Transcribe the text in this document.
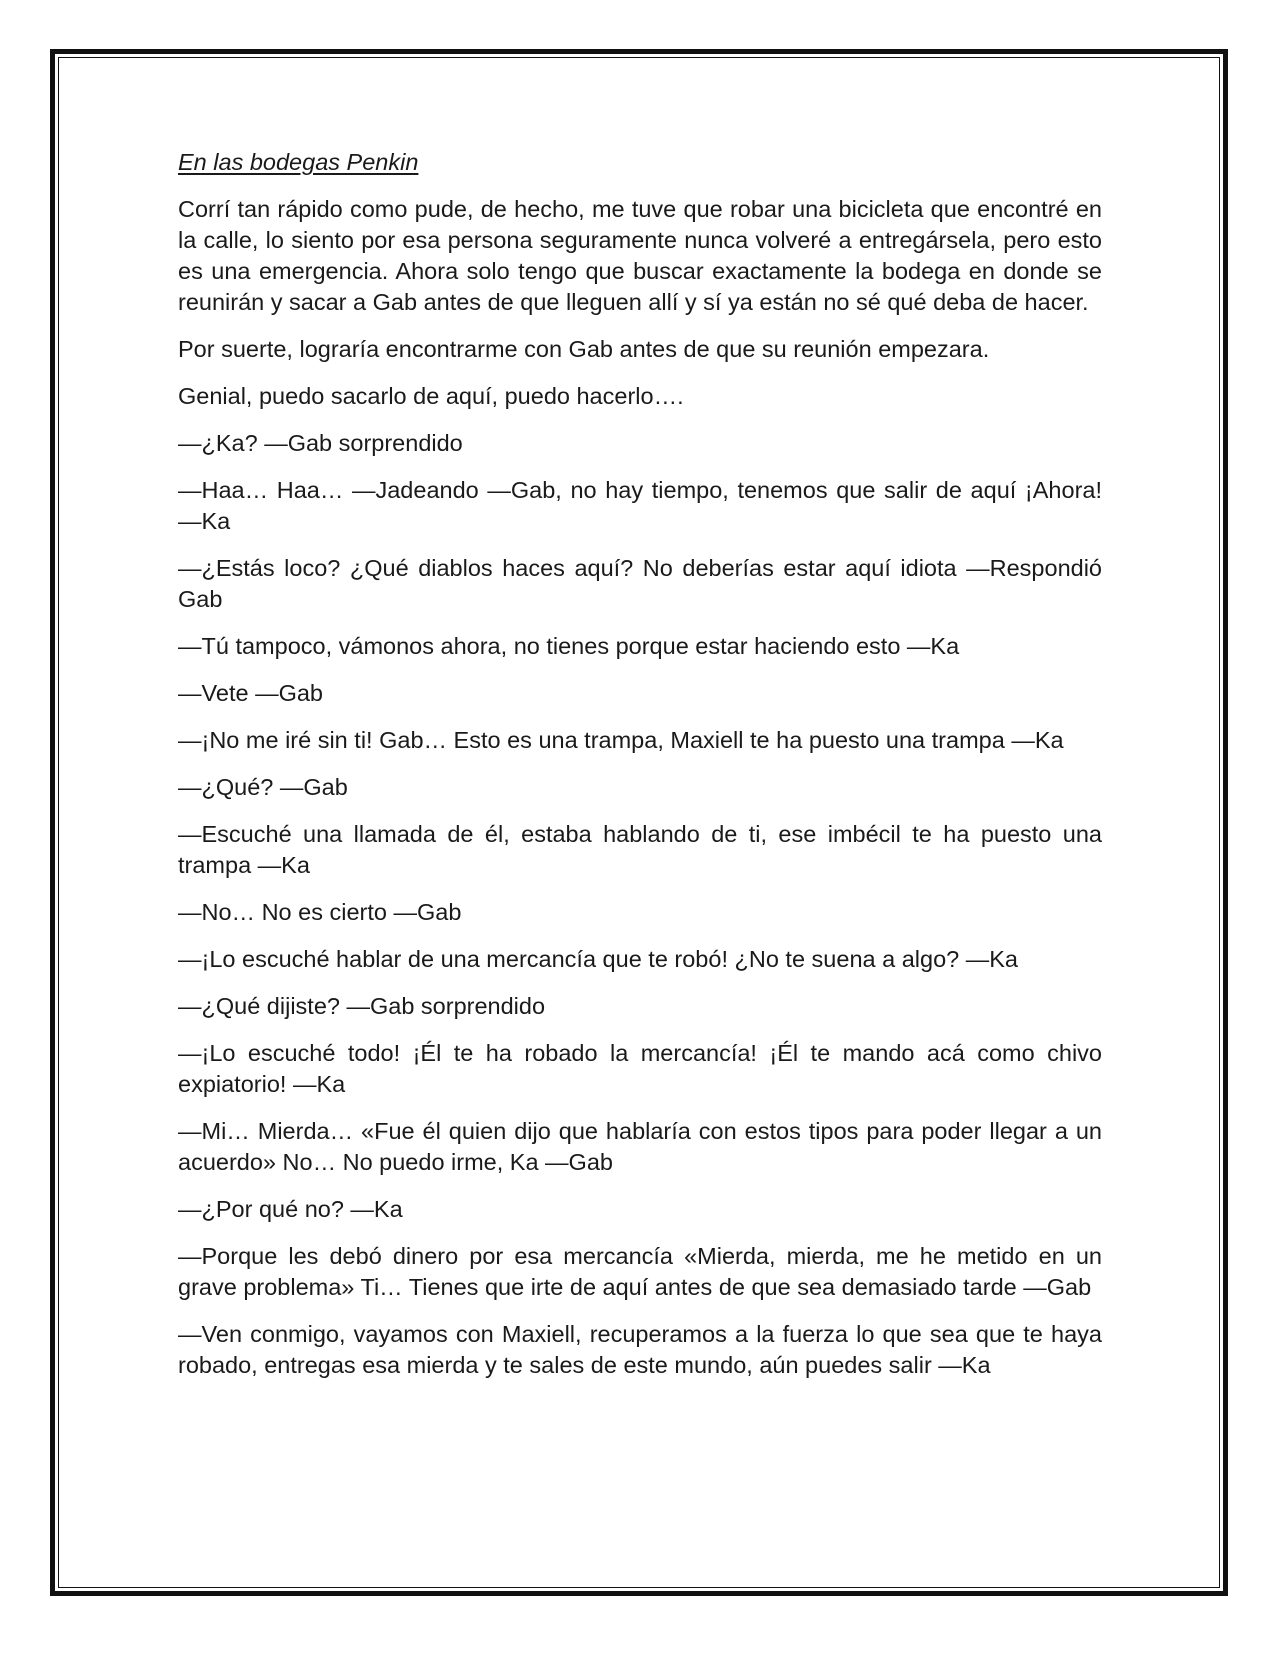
En las bodegas Penkin

Corrí tan rápido como pude, de hecho, me tuve que robar una bicicleta que encontré en la calle, lo siento por esa persona seguramente nunca volveré a entregársela, pero esto es una emergencia. Ahora solo tengo que buscar exactamente la bodega en donde se reunirán y sacar a Gab antes de que lleguen allí y sí ya están no sé qué deba de hacer.

Por suerte, lograría encontrarme con Gab antes de que su reunión empezara.

Genial, puedo sacarlo de aquí, puedo hacerlo….

—¿Ka? —Gab sorprendido

—Haa… Haa… —Jadeando —Gab, no hay tiempo, tenemos que salir de aquí ¡Ahora! —Ka

—¿Estás loco? ¿Qué diablos haces aquí? No deberías estar aquí idiota —Respondió Gab

—Tú tampoco, vámonos ahora, no tienes porque estar haciendo esto —Ka

—Vete —Gab

—¡No me iré sin ti! Gab… Esto es una trampa, Maxiell te ha puesto una trampa —Ka

—¿Qué? —Gab

—Escuché una llamada de él, estaba hablando de ti, ese imbécil te ha puesto una trampa —Ka

—No… No es cierto —Gab

—¡Lo escuché hablar de una mercancía que te robó! ¿No te suena a algo? —Ka

—¿Qué dijiste? —Gab sorprendido

—¡Lo escuché todo! ¡Él te ha robado la mercancía! ¡Él te mando acá como chivo expiatorio! —Ka

—Mi… Mierda… «Fue él quien dijo que hablaría con estos tipos para poder llegar a un acuerdo» No… No puedo irme, Ka —Gab

—¿Por qué no? —Ka

—Porque les debó dinero por esa mercancía «Mierda, mierda, me he metido en un grave problema» Ti… Tienes que irte de aquí antes de que sea demasiado tarde —Gab

—Ven conmigo, vayamos con Maxiell, recuperamos a la fuerza lo que sea que te haya robado, entregas esa mierda y te sales de este mundo, aún puedes salir —Ka
